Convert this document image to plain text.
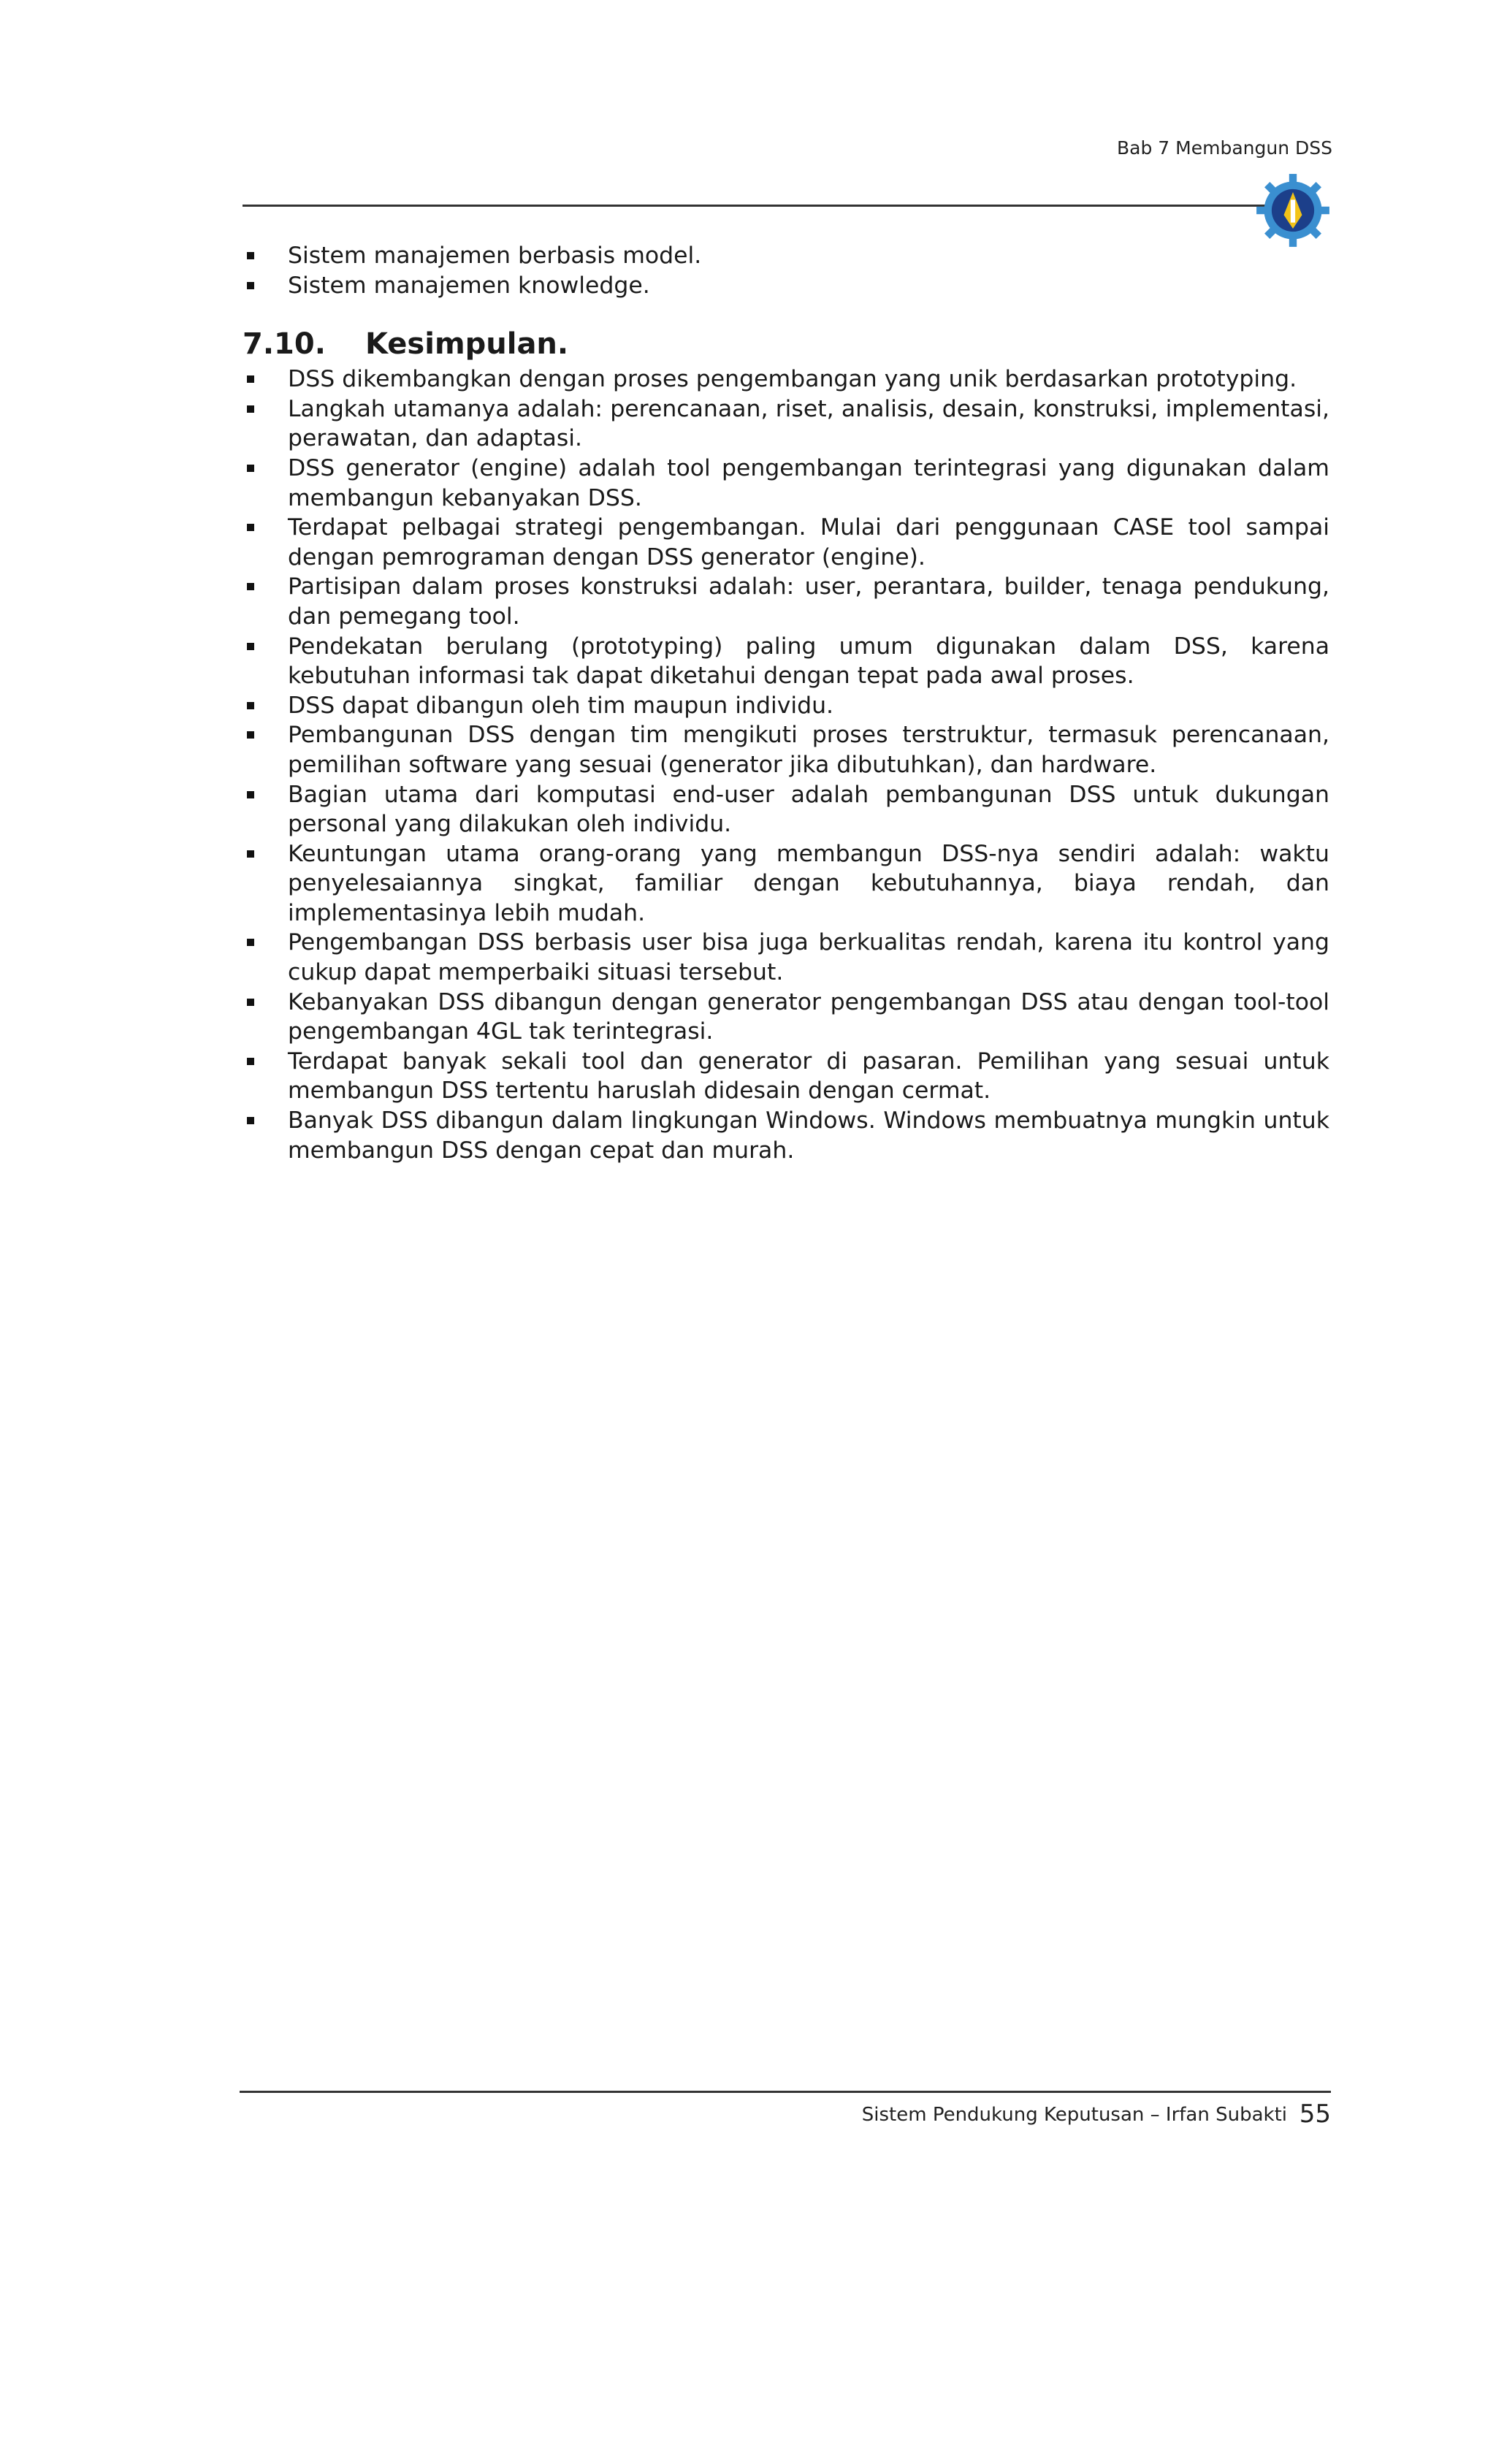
Bab 7 Membangun DSS
Sistem manajemen berbasis model.
Sistem manajemen knowledge.
7.10.	Kesimpulan.
DSS dikembangkan dengan proses pengembangan yang unik berdasarkan prototyping.
Langkah utamanya adalah: perencanaan, riset, analisis, desain, konstruksi, implementasi, perawatan, dan adaptasi.
DSS generator (engine) adalah tool pengembangan terintegrasi yang digunakan dalam membangun kebanyakan DSS.
Terdapat pelbagai strategi pengembangan. Mulai dari penggunaan CASE tool sampai dengan pemrograman dengan DSS generator (engine).
Partisipan dalam proses konstruksi adalah: user, perantara, builder, tenaga pendukung, dan pemegang tool.
Pendekatan berulang (prototyping) paling umum digunakan dalam DSS, karena kebutuhan informasi tak dapat diketahui dengan tepat pada awal proses.
DSS dapat dibangun oleh tim maupun individu.
Pembangunan DSS dengan tim mengikuti proses terstruktur, termasuk perencanaan, pemilihan software yang sesuai (generator jika dibutuhkan), dan hardware.
Bagian utama dari komputasi end-user adalah pembangunan DSS untuk dukungan personal yang dilakukan oleh individu.
Keuntungan utama orang-orang yang membangun DSS-nya sendiri adalah: waktu penyelesaiannya singkat, familiar dengan kebutuhannya, biaya rendah, dan implementasinya lebih mudah.
Pengembangan DSS berbasis user bisa juga berkualitas rendah, karena itu kontrol yang cukup dapat memperbaiki situasi tersebut.
Kebanyakan DSS dibangun dengan generator pengembangan DSS atau dengan tool-tool pengembangan 4GL tak terintegrasi.
Terdapat banyak sekali tool dan generator di pasaran. Pemilihan yang sesuai untuk membangun DSS tertentu haruslah didesain dengan cermat.
Banyak DSS dibangun dalam lingkungan Windows. Windows membuatnya mungkin untuk membangun DSS dengan cepat dan murah.
Sistem Pendukung Keputusan – Irfan Subakti 55
